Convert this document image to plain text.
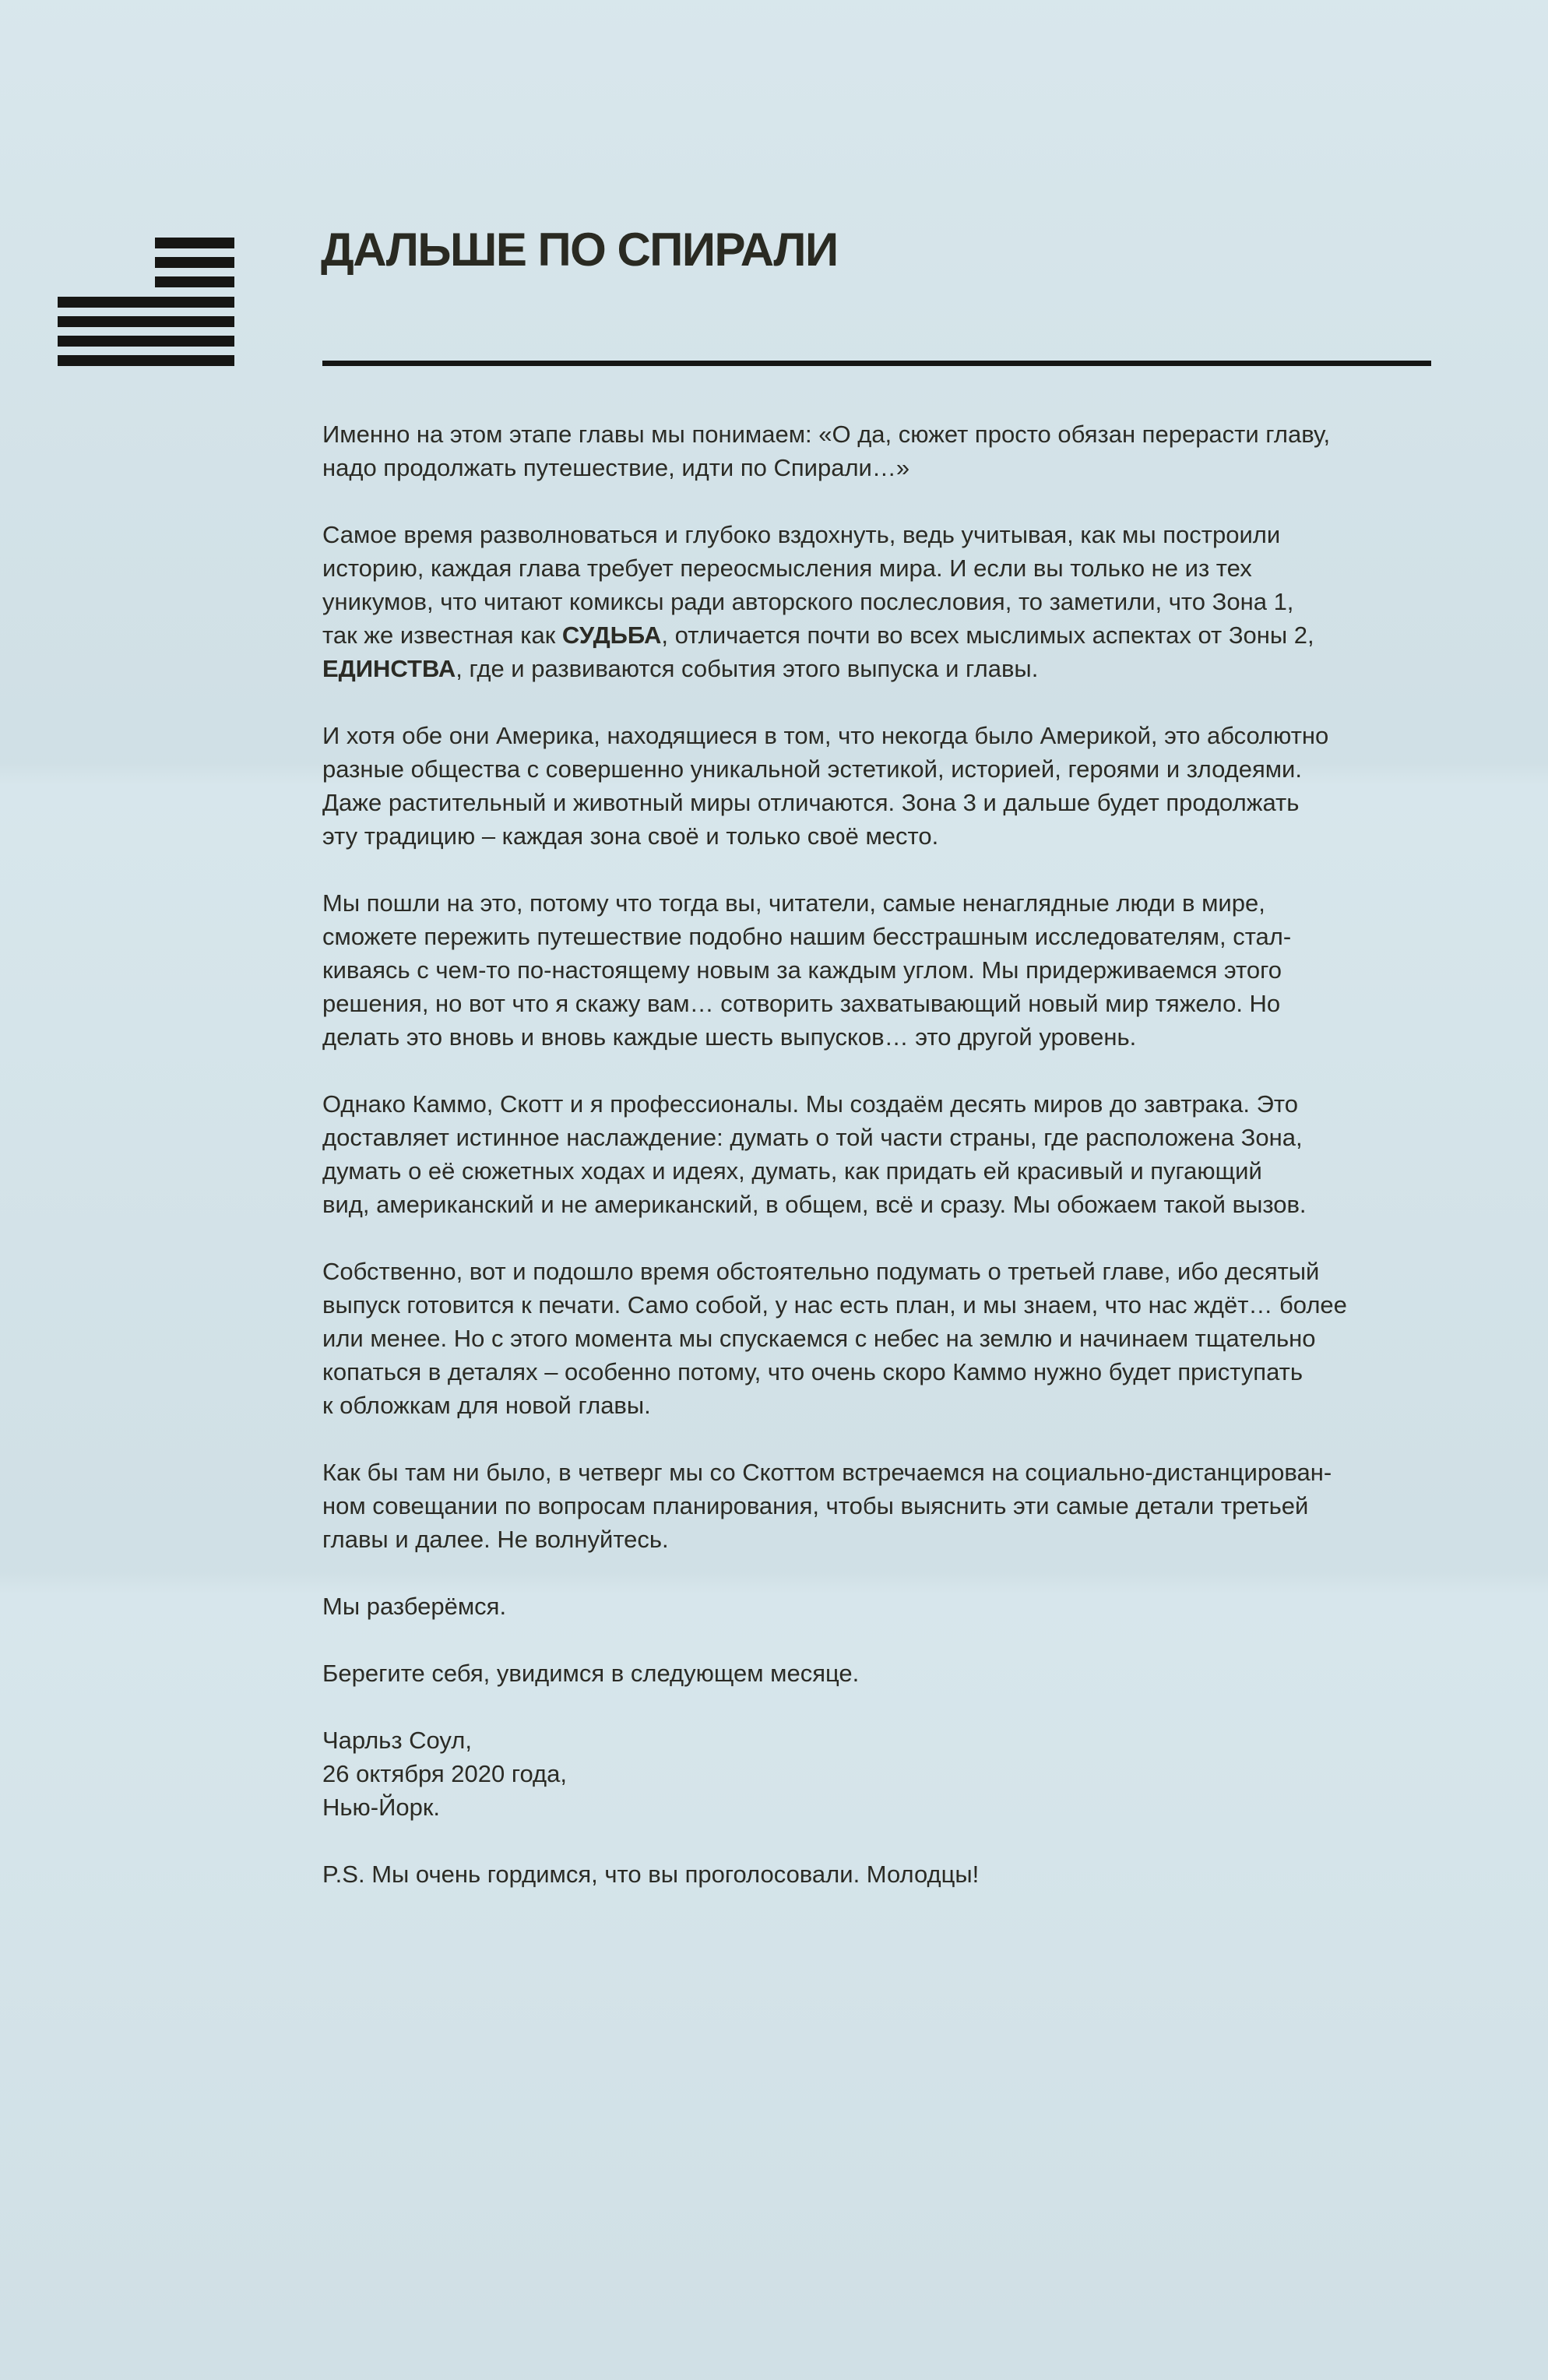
ДАЛЬШЕ ПО СПИРАЛИ

Именно на этом этапе главы мы понимаем: «О да, сюжет просто обязан перерасти главу,
надо продолжать путешествие, идти по Спирали…»

Самое время разволноваться и глубоко вздохнуть, ведь учитывая, как мы построили
историю, каждая глава требует переосмысления мира. И если вы только не из тех
уникумов, что читают комиксы ради авторского послесловия, то заметили, что Зона 1,
так же известная как СУДЬБА, отличается почти во всех мыслимых аспектах от Зоны 2,
ЕДИНСТВА, где и развиваются события этого выпуска и главы.

И хотя обе они Америка, находящиеся в том, что некогда было Америкой, это абсолютно
разные общества с совершенно уникальной эстетикой, историей, героями и злодеями.
Даже растительный и животный миры отличаются. Зона 3 и дальше будет продолжать
эту традицию – каждая зона своё и только своё место.

Мы пошли на это, потому что тогда вы, читатели, самые ненаглядные люди в мире,
сможете пережить путешествие подобно нашим бесстрашным исследователям, стал-
киваясь с чем-то по-настоящему новым за каждым углом. Мы придерживаемся этого
решения, но вот что я скажу вам… сотворить захватывающий новый мир тяжело. Но
делать это вновь и вновь каждые шесть выпусков… это другой уровень.

Однако Каммо, Скотт и я профессионалы. Мы создаём десять миров до завтрака. Это
доставляет истинное наслаждение: думать о той части страны, где расположена Зона,
думать о её сюжетных ходах и идеях, думать, как придать ей красивый и пугающий
вид, американский и не американский, в общем, всё и сразу. Мы обожаем такой вызов.

Собственно, вот и подошло время обстоятельно подумать о третьей главе, ибо десятый
выпуск готовится к печати. Само собой, у нас есть план, и мы знаем, что нас ждёт… более
или менее. Но с этого момента мы спускаемся с небес на землю и начинаем тщательно
копаться в деталях – особенно потому, что очень скоро Каммо нужно будет приступать
к обложкам для новой главы.

Как бы там ни было, в четверг мы со Скоттом встречаемся на социально-дистанцирован-
ном совещании по вопросам планирования, чтобы выяснить эти самые детали третьей
главы и далее. Не волнуйтесь.

Мы разберёмся.

Берегите себя, увидимся в следующем месяце.

Чарльз Соул,
26 октября 2020 года,
Нью-Йорк.

P.S. Мы очень гордимся, что вы проголосовали. Молодцы!
